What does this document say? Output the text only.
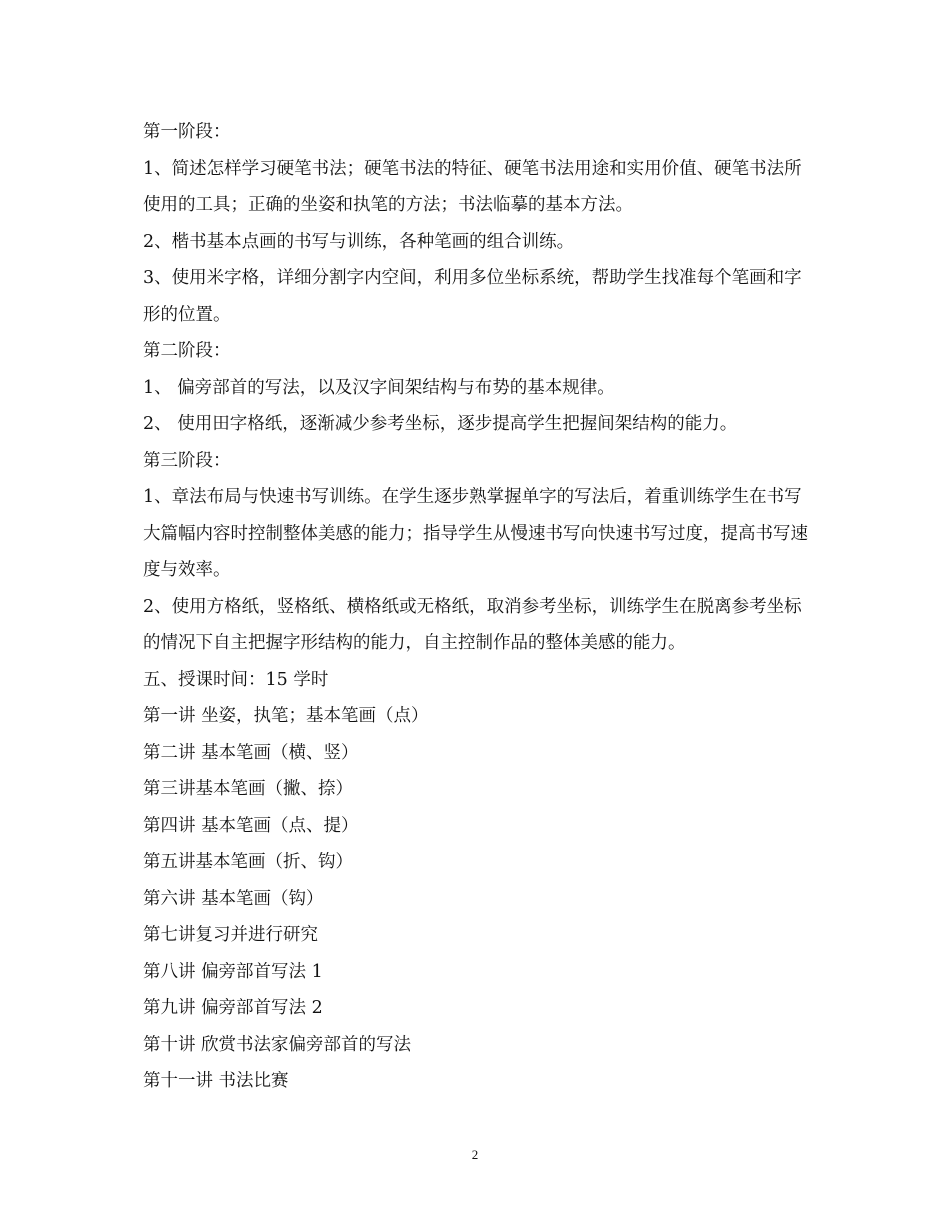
第一阶段：

1、简述怎样学习硬笔书法；硬笔书法的特征、硬笔书法用途和实用价值、硬笔书法所使用的工具；正确的坐姿和执笔的方法；书法临摹的基本方法。

2、楷书基本点画的书写与训练，各种笔画的组合训练。

3、使用米字格，详细分割字内空间，利用多位坐标系统，帮助学生找准每个笔画和字形的位置。

第二阶段：

1、 偏旁部首的写法，以及汉字间架结构与布势的基本规律。

2、 使用田字格纸，逐渐减少参考坐标，逐步提高学生把握间架结构的能力。

第三阶段：

1、章法布局与快速书写训练。在学生逐步熟掌握单字的写法后，着重训练学生在书写大篇幅内容时控制整体美感的能力；指导学生从慢速书写向快速书写过度，提高书写速度与效率。

2、使用方格纸，竖格纸、横格纸或无格纸，取消参考坐标，训练学生在脱离参考坐标的情况下自主把握字形结构的能力，自主控制作品的整体美感的能力。

五、授课时间：15 学时

第一讲 坐姿，执笔；基本笔画（点）

第二讲 基本笔画（横、竖）

第三讲基本笔画（撇、捺）

第四讲 基本笔画（点、提）

第五讲基本笔画（折、钩）

第六讲 基本笔画（钩）

第七讲复习并进行研究

第八讲 偏旁部首写法 1

第九讲 偏旁部首写法 2

第十讲 欣赏书法家偏旁部首的写法

第十一讲 书法比赛

2
